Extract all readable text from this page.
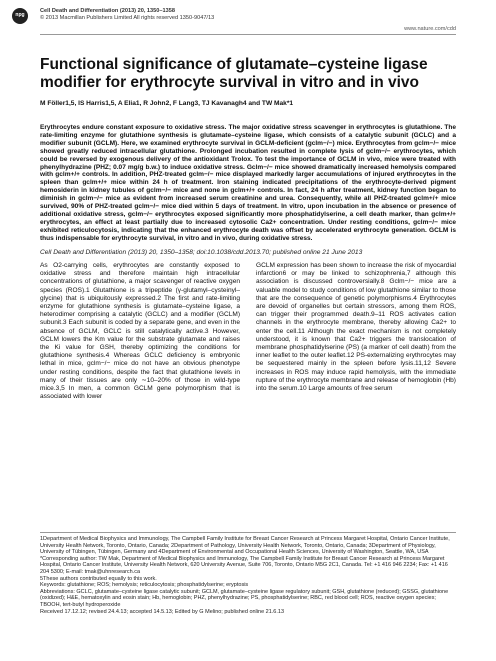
npg
Cell Death and Differentiation (2013) 20, 1350–1358
© 2013 Macmillan Publishers Limited All rights reserved 1350-9047/13
www.nature.com/cdd
Functional significance of glutamate–cysteine ligase modifier for erythrocyte survival in vitro and in vivo
M Föller1,5, IS Harris1,5, A Elia1, R John2, F Lang3, TJ Kavanagh4 and TW Mak*1
Erythrocytes endure constant exposure to oxidative stress. The major oxidative stress scavenger in erythrocytes is glutathione. The rate-limiting enzyme for glutathione synthesis is glutamate–cysteine ligase, which consists of a catalytic subunit (GCLC) and a modifier subunit (GCLM). Here, we examined erythrocyte survival in GCLM-deficient (gclm−/−) mice. Erythrocytes from gclm−/− mice showed greatly reduced intracellular glutathione. Prolonged incubation resulted in complete lysis of gclm−/− erythrocytes, which could be reversed by exogenous delivery of the antioxidant Trolox. To test the importance of GCLM in vivo, mice were treated with phenylhydrazine (PHZ; 0.07 mg/g b.w.) to induce oxidative stress. Gclm−/− mice showed dramatically increased hemolysis compared with gclm+/+ controls. In addition, PHZ-treated gclm−/− mice displayed markedly larger accumulations of injured erythrocytes in the spleen than gclm+/+ mice within 24 h of treatment. Iron staining indicated precipitations of the erythrocyte-derived pigment hemosiderin in kidney tubules of gclm−/− mice and none in gclm+/+ controls. In fact, 24 h after treatment, kidney function began to diminish in gclm−/− mice as evident from increased serum creatinine and urea. Consequently, while all PHZ-treated gclm+/+ mice survived, 90% of PHZ-treated gclm−/− mice died within 5 days of treatment. In vitro, upon incubation in the absence or presence of additional oxidative stress, gclm−/− erythrocytes exposed significantly more phosphatidylserine, a cell death marker, than gclm+/+ erythrocytes, an effect at least partially due to increased cytosolic Ca2+ concentration. Under resting conditions, gclm−/− mice exhibited reticulocytosis, indicating that the enhanced erythrocyte death was offset by accelerated erythrocyte generation. GCLM is thus indispensable for erythrocyte survival, in vitro and in vivo, during oxidative stress.
Cell Death and Differentiation (2013) 20, 1350–1358; doi:10.1038/cdd.2013.70; published online 21 June 2013
As O2-carrying cells, erythrocytes are constantly exposed to oxidative stress and therefore maintain high intracellular concentrations of glutathione, a major scavenger of reactive oxygen species (ROS).1 Glutathione is a tripeptide (γ-glutamyl–cysteinyl–glycine) that is ubiquitously expressed.2 The first and rate-limiting enzyme for glutathione synthesis is glutamate–cysteine ligase, a heterodimer comprising a catalytic (GCLC) and a modifier (GCLM) subunit.3 Each subunit is coded by a separate gene, and even in the absence of GCLM, GCLC is still catalytically active.3 However, GCLM lowers the Km value for the substrate glutamate and raises the Ki value for GSH, thereby optimizing the conditions for glutathione synthesis.4 Whereas GCLC deficiency is embryonic lethal in mice, gclm−/− mice do not have an obvious phenotype under resting conditions, despite the fact that glutathione levels in many of their tissues are only ∼10–20% of those in wild-type mice.3,5 In men, a common GCLM gene polymorphism that is associated with lower
GCLM expression has been shown to increase the risk of myocardial infarction6 or may be linked to schizophrenia,7 although this association is discussed controversially.8 Gclm−/− mice are a valuable model to study conditions of low glutathione similar to those that are the consequence of genetic polymorphisms.4 Erythrocytes are devoid of organelles but certain stressors, among them ROS, can trigger their programmed death.9–11 ROS activates cation channels in the erythrocyte membrane, thereby allowing Ca2+ to enter the cell.11 Although the exact mechanism is not completely understood, it is known that Ca2+ triggers the translocation of membrane phosphatidylserine (PS) (a marker of cell death) from the inner leaflet to the outer leaflet.12 PS-externalizing erythrocytes may be sequestered mainly in the spleen before lysis.11,12 Severe increases in ROS may induce rapid hemolysis, with the immediate rupture of the erythrocyte membrane and release of hemoglobin (Hb) into the serum.10 Large amounts of free serum

1Department of Medical Biophysics and Immunology, The Campbell Family Institute for Breast Cancer Research at Princess Margaret Hospital, Ontario Cancer Institute, University Health Network, Toronto, Ontario, Canada; 2Department of Pathology, University Health Network, Toronto, Ontario, Canada; 3Department of Physiology, University of Tübingen, Tübingen, Germany and 4Department of Environmental and Occupational Health Sciences, University of Washington, Seattle, WA, USA

*Corresponding author: TW Mak, Department of Medical Biophysics and Immunology, The Campbell Family Institute for Breast Cancer Research at Princess Margaret Hospital, Ontario Cancer Institute, University Health Network, 620 University Avenue, Suite 706, Toronto, Ontario M5G 2C1, Canada. Tel: +1 416 946 2234; Fax: +1 416 204 5300; E-mail: tmak@uhnresearch.ca

5These authors contributed equally to this work.

Keywords: glutathione; ROS; hemolysis; reticulocytosis; phosphatidylserine; eryptosis

Abbreviations: GCLC, glutamate–cysteine ligase catalytic subunit; GCLM, glutamate–cysteine ligase regulatory subunit; GSH, glutathione (reduced); GSSG, glutathione (oxidized); H&E, hematoxylin and eosin stain; Hb, hemoglobin; PHZ, phenylhydrazine; PS, phosphatidylserine; RBC, red blood cell; ROS, reactive oxygen species; TBOOH, tert-butyl hydroperoxide

Received 17.12.12; revised 24.4.13; accepted 14.5.13; Edited by G Melino; published online 21.6.13
